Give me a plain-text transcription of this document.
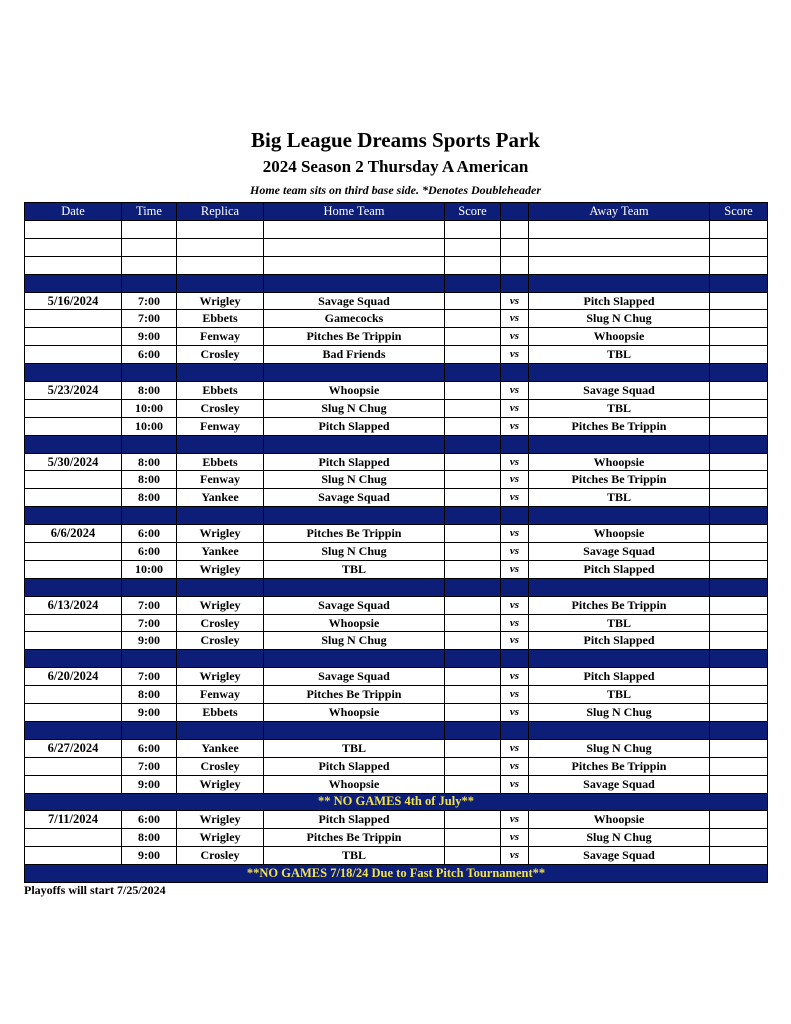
Big League Dreams Sports Park
2024 Season 2 Thursday A American
Home team sits on third base side. *Denotes Doubleheader
Date	Time	Replica	Home Team	Score		Away Team	Score

5/16/2024	7:00	Wrigley	Savage Squad		vs	Pitch Slapped	
	7:00	Ebbets	Gamecocks		vs	Slug N Chug	
	9:00	Fenway	Pitches Be Trippin		vs	Whoopsie	
	6:00	Crosley	Bad Friends		vs	TBL	

5/23/2024	8:00	Ebbets	Whoopsie		vs	Savage Squad	
	10:00	Crosley	Slug N Chug		vs	TBL	
	10:00	Fenway	Pitch Slapped		vs	Pitches Be Trippin	

5/30/2024	8:00	Ebbets	Pitch Slapped		vs	Whoopsie	
	8:00	Fenway	Slug N Chug		vs	Pitches Be Trippin	
	8:00	Yankee	Savage Squad		vs	TBL	

6/6/2024	6:00	Wrigley	Pitches Be Trippin		vs	Whoopsie	
	6:00	Yankee	Slug N Chug		vs	Savage Squad	
	10:00	Wrigley	TBL		vs	Pitch Slapped	

6/13/2024	7:00	Wrigley	Savage Squad		vs	Pitches Be Trippin	
	7:00	Crosley	Whoopsie		vs	TBL	
	9:00	Crosley	Slug N Chug		vs	Pitch Slapped	

6/20/2024	7:00	Wrigley	Savage Squad		vs	Pitch Slapped	
	8:00	Fenway	Pitches Be Trippin		vs	TBL	
	9:00	Ebbets	Whoopsie		vs	Slug N Chug	

6/27/2024	6:00	Yankee	TBL		vs	Slug N Chug	
	7:00	Crosley	Pitch Slapped		vs	Pitches Be Trippin	
	9:00	Wrigley	Whoopsie		vs	Savage Squad	
** NO GAMES 4th of July**							
7/11/2024	6:00	Wrigley	Pitch Slapped		vs	Whoopsie	
	8:00	Wrigley	Pitches Be Trippin		vs	Slug N Chug	
	9:00	Crosley	TBL		vs	Savage Squad	
**NO GAMES 7/18/24 Due to Fast Pitch Tournament**							
Playoffs will start 7/25/2024
